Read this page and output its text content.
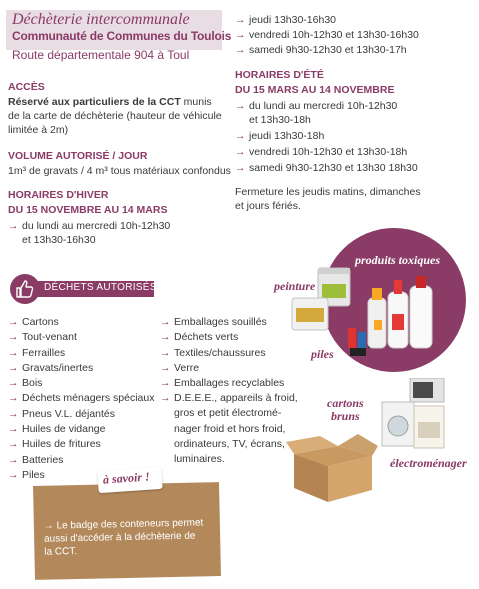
Déchèterie intercommunale
Communauté de Communes du Toulois
Route départementale 904 à Toul
ACCÈS
Réservé aux particuliers de la CCT munis
de la carte de déchèterie (hauteur de véhicule
limitée à 2m)
VOLUME AUTORISÉ / JOUR
1m³ de gravats / 4 m³ tous matériaux confondus
HORAIRES D'HIVER
DU 15 NOVEMBRE AU 14 MARS
→ du lundi au mercredi 10h-12h30
et 13h30-16h30
→ jeudi 13h30-16h30
→ vendredi 10h-12h30 et 13h30-16h30
→ samedi 9h30-12h30 et 13h30-17h
HORAIRES D'ÉTÉ
DU 15 MARS AU 14 NOVEMBRE
→ du lundi au mercredi 10h-12h30
et 13h30-18h
→ jeudi 13h30-18h
→ vendredi 10h-12h30 et 13h30-18h
→ samedi 9h30-12h30 et 13h30 18h30
Fermeture les jeudis matins, dimanches
et jours fériés.
produits toxiques
peinture
piles
cartons
bruns
électroménager
DÉCHETS AUTORISÉS
→ Cartons
→ Tout-venant
→ Ferrailles
→ Gravats/inertes
→ Bois
→ Déchets ménagers spéciaux
→ Pneus V.L. déjantés
→ Huiles de vidange
→ Huiles de fritures
→ Batteries
→ Piles
→ Emballages souillés
→ Déchets verts
→ Textiles/chaussures
→ Verre
→ Emballages recyclables
→ D.E.E.E., appareils à froid,
gros et petit électromé-
nager froid et hors froid,
ordinateurs, TV, écrans,
luminaires.
à savoir !
→ Le badge des conteneurs permet
aussi d'accéder à la déchèterie de
la CCT.
